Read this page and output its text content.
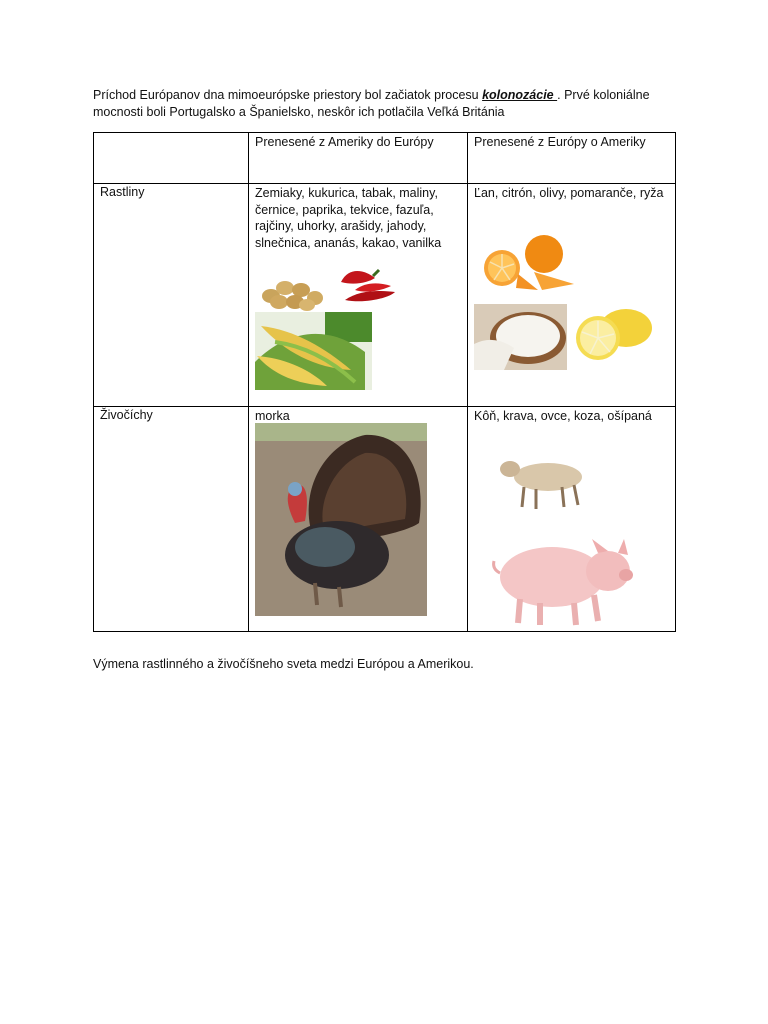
Príchod Európanov dna mimoeurópske priestory bol začiatok procesu kolonozácie . Prvé koloniálne mocnosti boli Portugalsko a Španielsko, neskôr ich potlačila Veľká Británia

	Prenesené z Ameriky do Európy	Prenesené z Európy o Ameriky
Rastliny	Zemiaky, kukurica, tabak, maliny, černice, paprika, tekvice, fazuľa, rajčiny, uhorky, arašidy, jahody, slnečnica, ananás, kakao, vanilka	Ľan, citrón, olivy, pomaranče, ryža

Živočíchy	morka	Kôň, krava, ovce, koza, ošípaná

Výmena rastlinného a živočíšneho sveta medzi Európou a Amerikou.
